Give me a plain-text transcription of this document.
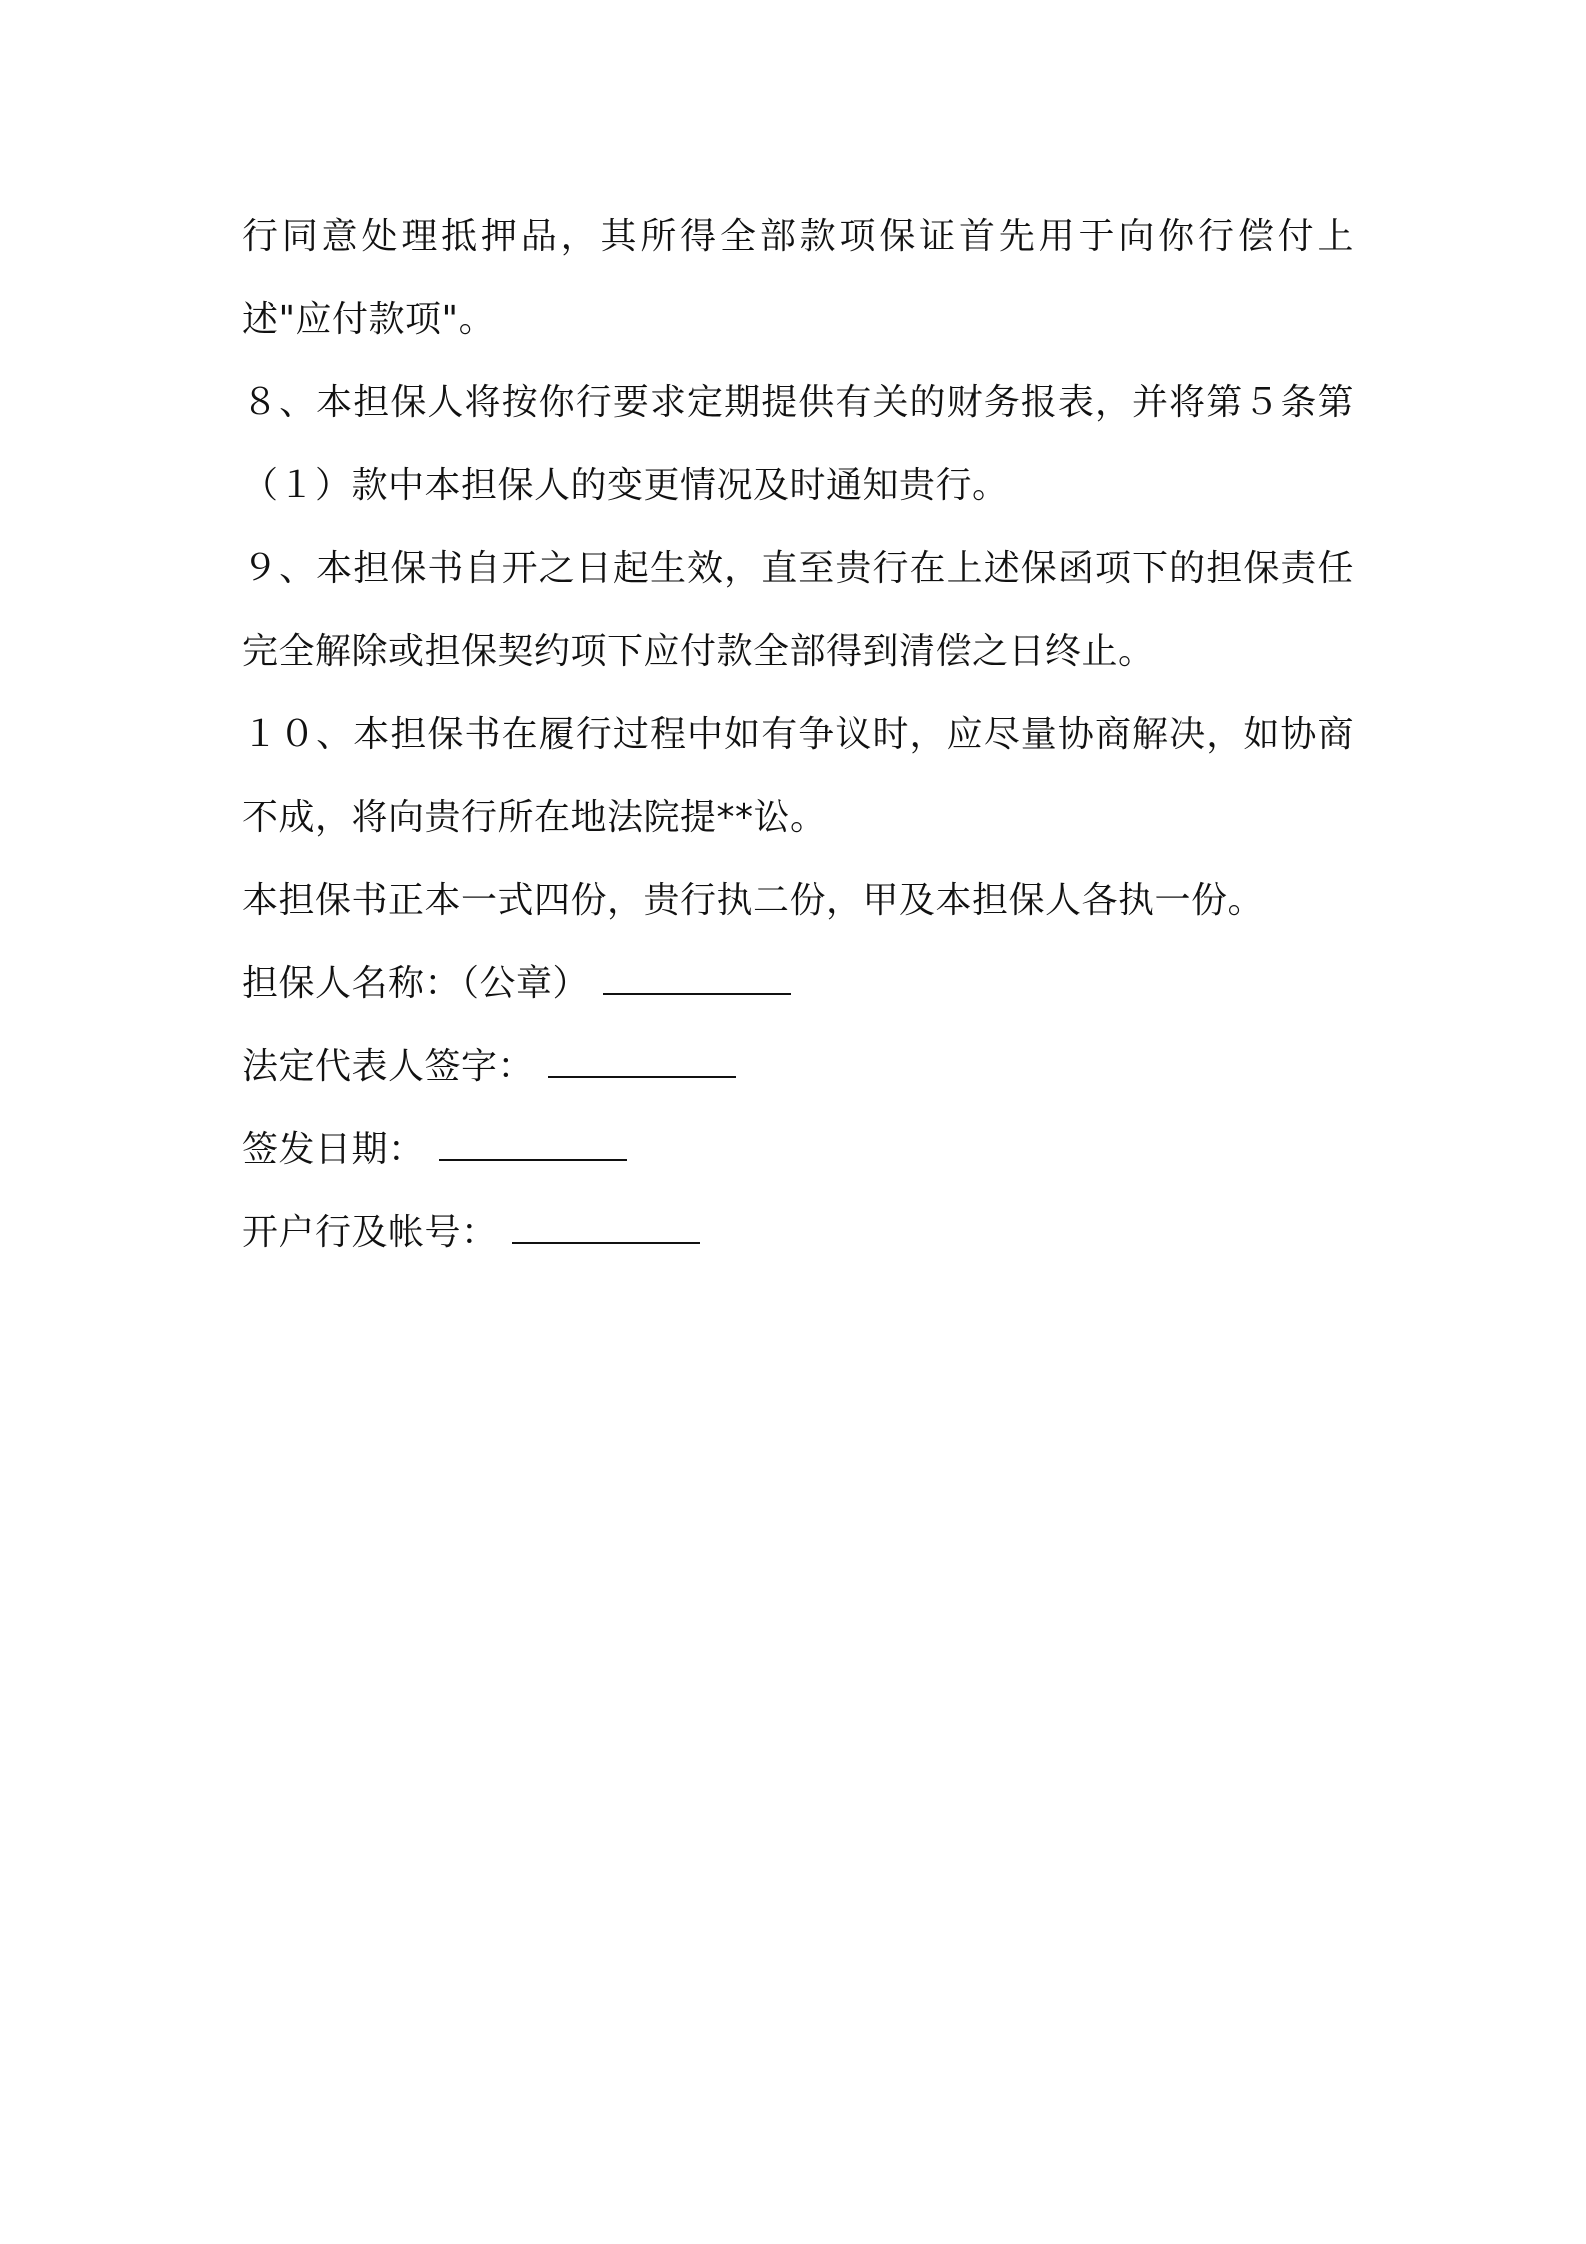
行同意处理抵押品，其所得全部款项保证首先用于向你行偿付上述"应付款项"。

８、本担保人将按你行要求定期提供有关的财务报表，并将第５条第（１）款中本担保人的变更情况及时通知贵行。

９、本担保书自开之日起生效，直至贵行在上述保函项下的担保责任完全解除或担保契约项下应付款全部得到清偿之日终止。

１０、本担保书在履行过程中如有争议时，应尽量协商解决，如协商不成，将向贵行所在地法院提**讼。

本担保书正本一式四份，贵行执二份，甲及本担保人各执一份。

担保人名称：（公章）

法定代表人签字：

签发日期：

开户行及帐号：
